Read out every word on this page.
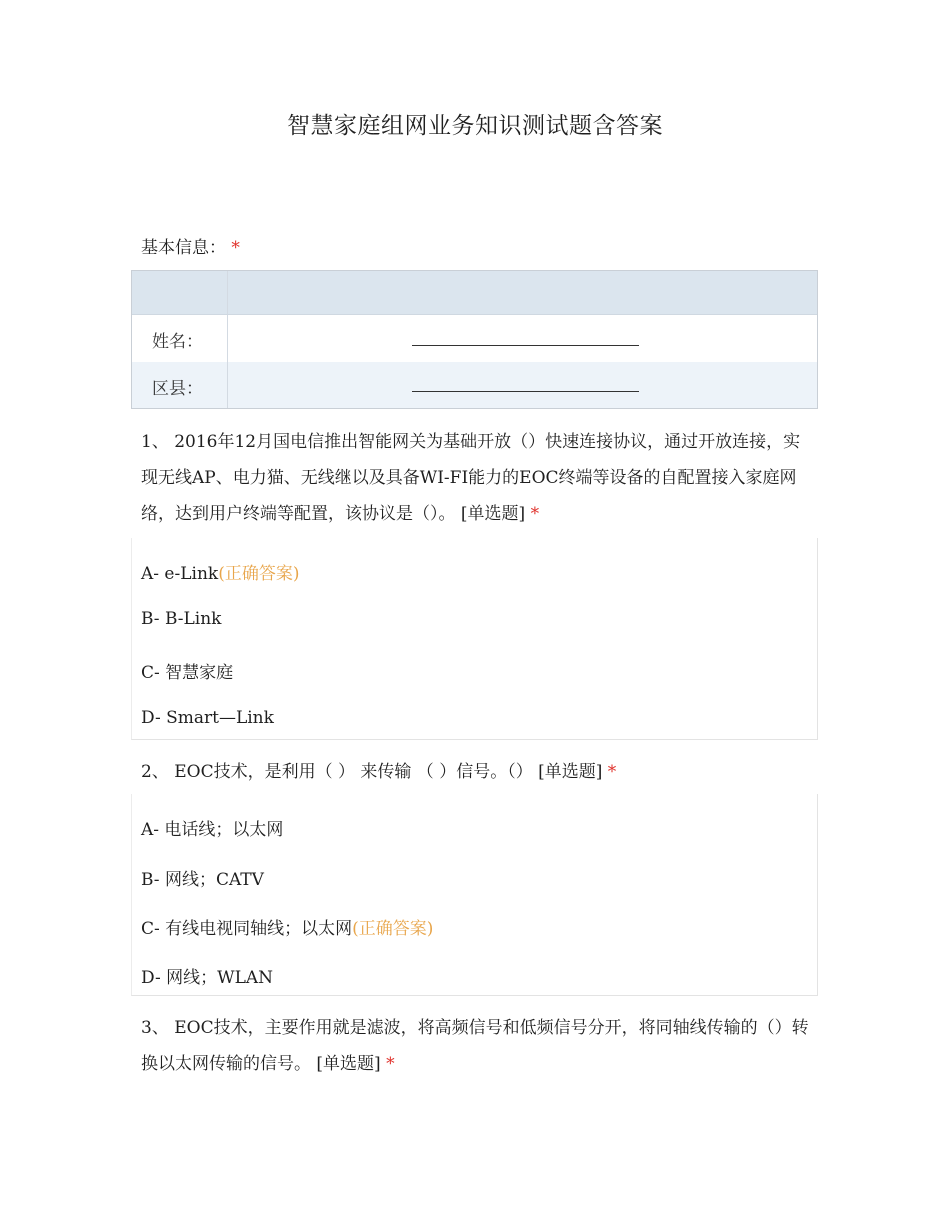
智慧家庭组网业务知识测试题含答案
基本信息： *
姓名：
区县：
1、 2016年12月国电信推出智能网关为基础开放（）快速连接协议，通过开放连接，实现无线AP、电力猫、无线继以及具备WI-FI能力的EOC终端等设备的自配置接入家庭网络，达到用户终端等配置，该协议是（）。 [单选题] *
A- e-Link(正确答案)
B- B-Link
C- 智慧家庭
D- Smart—Link
2、 EOC技术，是利用（ ） 来传输 （ ）信号。（） [单选题] *
A- 电话线；以太网
B- 网线；CATV
C- 有线电视同轴线；以太网(正确答案)
D- 网线；WLAN
3、 EOC技术，主要作用就是滤波，将高频信号和低频信号分开，将同轴线传输的（）转换以太网传输的信号。 [单选题] *
